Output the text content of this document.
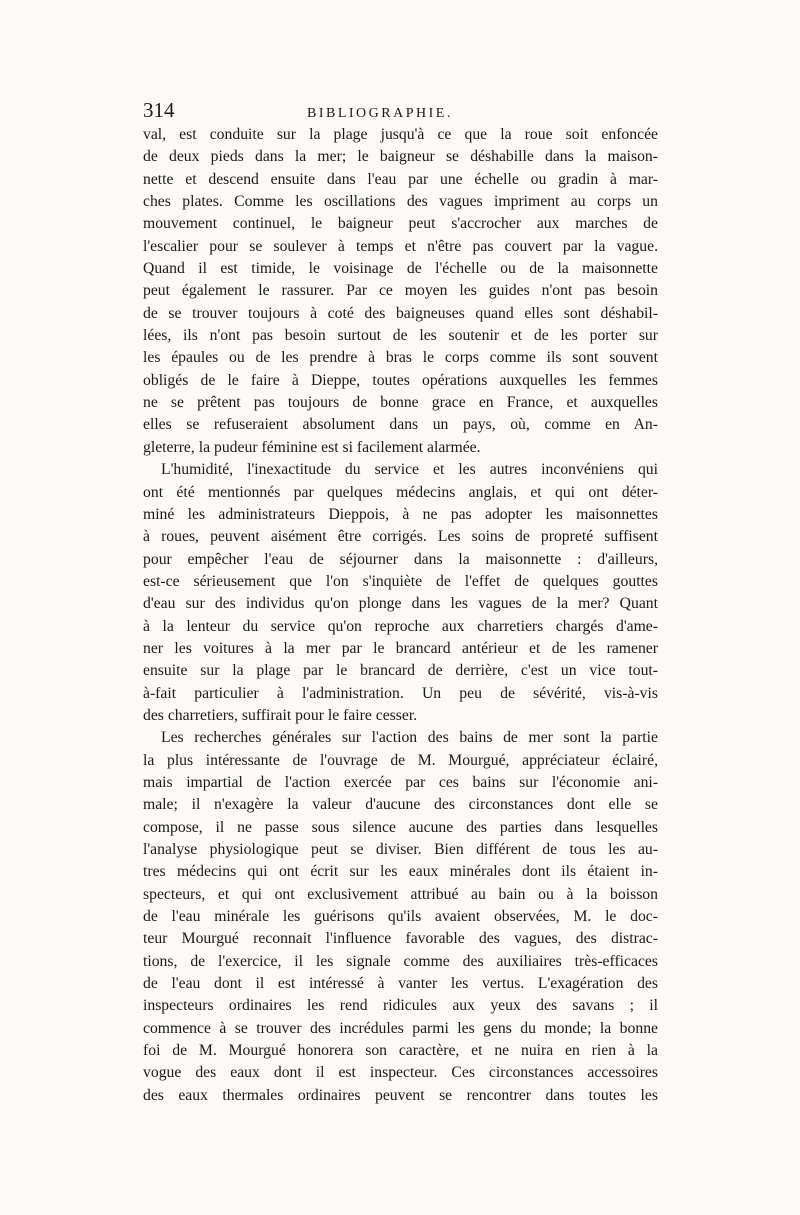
314	BIBLIOGRAPHIE.

val, est conduite sur la plage jusqu'à ce que la roue soit enfoncée
de deux pieds dans la mer; le baigneur se déshabille dans la maison-
nette et descend ensuite dans l'eau par une échelle ou gradin à mar-
ches plates. Comme les oscillations des vagues impriment au corps un
mouvement continuel, le baigneur peut s'accrocher aux marches de
l'escalier pour se soulever à temps et n'être pas couvert par la vague.
Quand il est timide, le voisinage de l'échelle ou de la maisonnette
peut également le rassurer. Par ce moyen les guides n'ont pas besoin
de se trouver toujours à coté des baigneuses quand elles sont déshabil-
lées, ils n'ont pas besoin surtout de les soutenir et de les porter sur
les épaules ou de les prendre à bras le corps comme ils sont souvent
obligés de le faire à Dieppe, toutes opérations auxquelles les femmes
ne se prêtent pas toujours de bonne grace en France, et auxquelles
elles se refuseraient absolument dans un pays, où, comme en An-
gleterre, la pudeur féminine est si facilement alarmée.

L'humidité, l'inexactitude du service et les autres inconvéniens qui
ont été mentionnés par quelques médecins anglais, et qui ont déter-
miné les administrateurs Dieppois, à ne pas adopter les maisonnettes
à roues, peuvent aisément être corrigés. Les soins de propreté suffisent
pour empêcher l'eau de séjourner dans la maisonnette : d'ailleurs,
est-ce sérieusement que l'on s'inquiète de l'effet de quelques gouttes
d'eau sur des individus qu'on plonge dans les vagues de la mer? Quant
à la lenteur du service qu'on reproche aux charretiers chargés d'ame-
ner les voitures à la mer par le brancard antérieur et de les ramener
ensuite sur la plage par le brancard de derrière, c'est un vice tout-
à-fait particulier à l'administration. Un peu de sévérité, vis-à-vis
des charretiers, suffirait pour le faire cesser.

Les recherches générales sur l'action des bains de mer sont la partie
la plus intéressante de l'ouvrage de M. Mourgué, appréciateur éclairé,
mais impartial de l'action exercée par ces bains sur l'économie ani-
male; il n'exagère la valeur d'aucune des circonstances dont elle se
compose, il ne passe sous silence aucune des parties dans lesquelles
l'analyse physiologique peut se diviser. Bien différent de tous les au-
tres médecins qui ont écrit sur les eaux minérales dont ils étaient in-
specteurs, et qui ont exclusivement attribué au bain ou à la boisson
de l'eau minérale les guérisons qu'ils avaient observées, M. le doc-
teur Mourgué reconnait l'influence favorable des vagues, des distrac-
tions, de l'exercice, il les signale comme des auxiliaires très-efficaces
de l'eau dont il est intéressé à vanter les vertus. L'exagération des
inspecteurs ordinaires les rend ridicules aux yeux des savans ; il
commence à se trouver des incrédules parmi les gens du monde; la bonne
foi de M. Mourgué honorera son caractère, et ne nuira en rien à la
vogue des eaux dont il est inspecteur. Ces circonstances accessoires
des eaux thermales ordinaires peuvent se rencontrer dans toutes les
